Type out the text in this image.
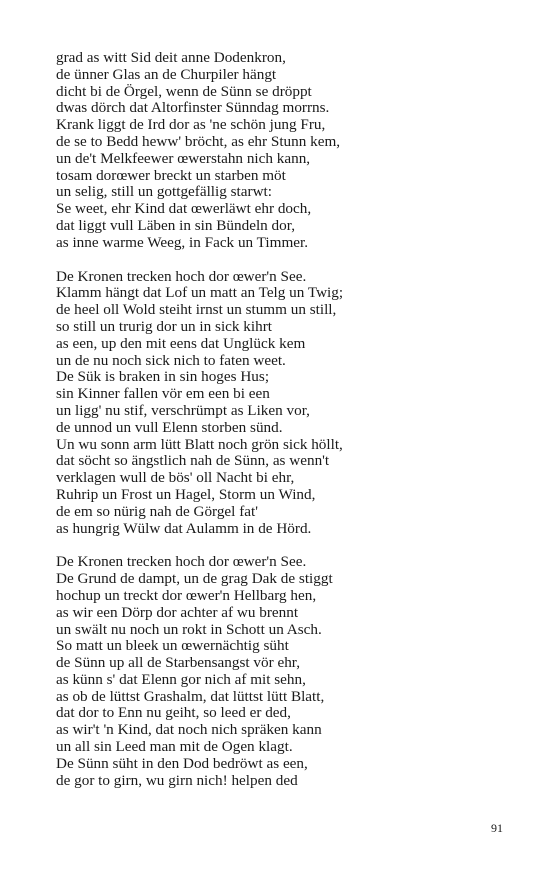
grad as witt Sid deit anne Dodenkron,
de ünner Glas an de Churpiler hängt
dicht bi de Örgel, wenn de Sünn se dröppt
dwas dörch dat Altorfinster Sünndag morrns.
Krank liggt de Ird dor as 'ne schön jung Fru,
de se to Bedd heww' bröcht, as ehr Stunn kem,
un de't Melkfeewer œwerstahn nich kann,
tosam dorœwer breckt un starben möt
un selig, still un gottgefällig starwt:
Se weet, ehr Kind dat œwerläwt ehr doch,
dat liggt vull Läben in sin Bündeln dor,
as inne warme Weeg, in Fack un Timmer.
De Kronen trecken hoch dor œwer'n See.
Klamm hängt dat Lof un matt an Telg un Twig;
de heel oll Wold steiht irnst un stumm un still,
so still un trurig dor un in sick kihrt
as een, up den mit eens dat Unglück kem
un de nu noch sick nich to faten weet.
De Sük is braken in sin hoges Hus;
sin Kinner fallen vör em een bi een
un ligg' nu stif, verschrümpt as Liken vor,
de unnod un vull Elenn storben sünd.
Un wu sonn arm lütt Blatt noch grön sick höllt,
dat söcht so ängstlich nah de Sünn, as wenn't
verklagen wull de bös' oll Nacht bi ehr,
Ruhrip un Frost un Hagel, Storm un Wind,
de em so nürig nah de Görgel fat'
as hungrig Wülw dat Aulamm in de Hörd.
De Kronen trecken hoch dor œwer'n See.
De Grund de dampt, un de grag Dak de stiggt
hochup un treckt dor œwer'n Hellbarg hen,
as wir een Dörp dor achter af wu brennt
un swält nu noch un rokt in Schott un Asch.
So matt un bleek un œwernächtig süht
de Sünn up all de Starbensangst vör ehr,
as künn s' dat Elenn gor nich af mit sehn,
as ob de lüttst Grashalm, dat lüttst lütt Blatt,
dat dor to Enn nu geiht, so leed er ded,
as wir't 'n Kind, dat noch nich spräken kann
un all sin Leed man mit de Ogen klagt.
De Sünn süht in den Dod bedröwt as een,
de gor to girn, wu girn nich! helpen ded
91
